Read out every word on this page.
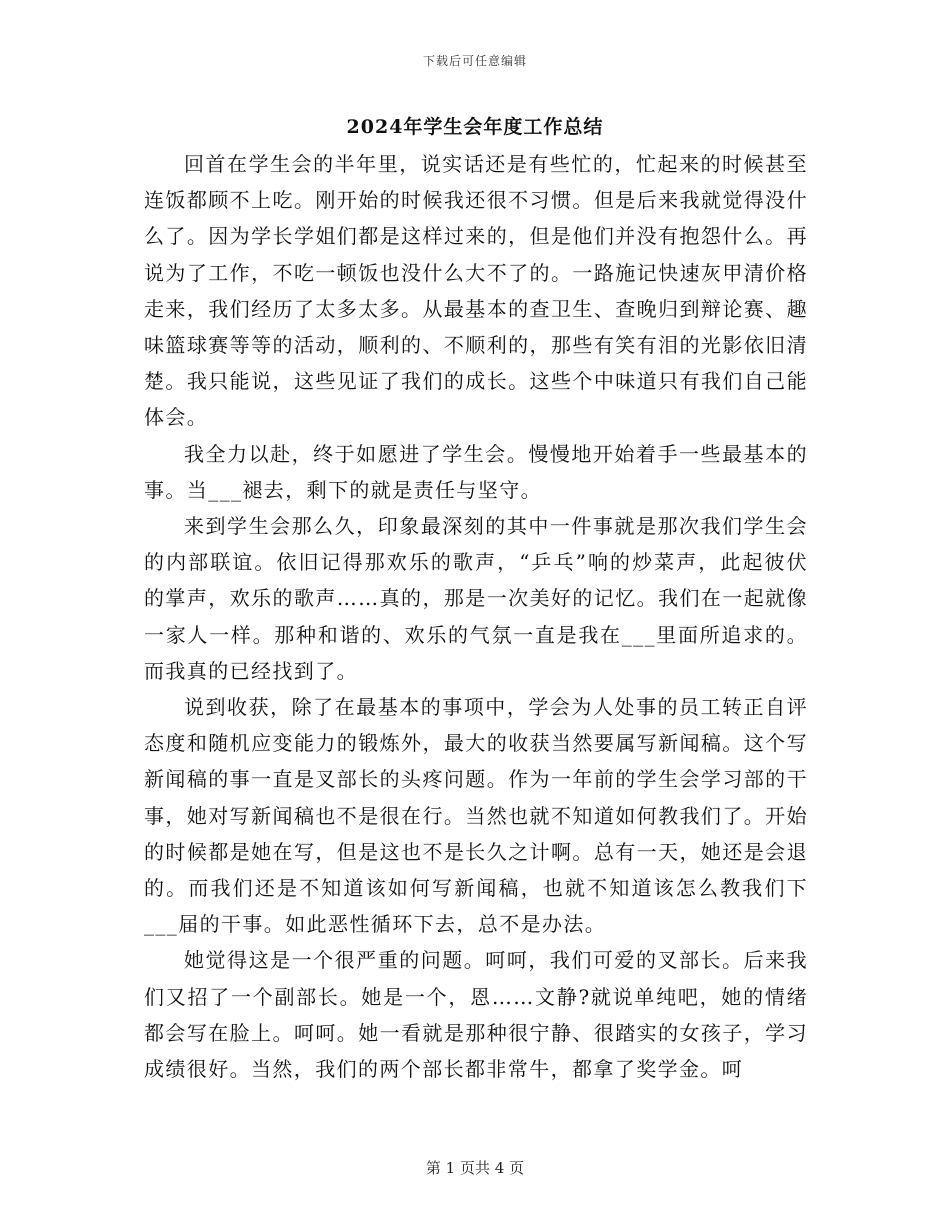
下载后可任意编辑
2024年学生会年度工作总结

回首在学生会的半年里，说实话还是有些忙的，忙起来的时候甚至连饭都顾不上吃。刚开始的时候我还很不习惯。但是后来我就觉得没什么了。因为学长学姐们都是这样过来的，但是他们并没有抱怨什么。再说为了工作，不吃一顿饭也没什么大不了的。一路施记快速灰甲清价格走来，我们经历了太多太多。从最基本的查卫生、查晚归到辩论赛、趣味篮球赛等等的活动，顺利的、不顺利的，那些有笑有泪的光影依旧清楚。我只能说，这些见证了我们的成长。这些个中味道只有我们自己能体会。

我全力以赴，终于如愿进了学生会。慢慢地开始着手一些最基本的事。当___褪去，剩下的就是责任与坚守。

来到学生会那么久，印象最深刻的其中一件事就是那次我们学生会的内部联谊。依旧记得那欢乐的歌声，“乒乓”响的炒菜声，此起彼伏的掌声，欢乐的歌声……真的，那是一次美好的记忆。我们在一起就像一家人一样。那种和谐的、欢乐的气氛一直是我在___里面所追求的。而我真的已经找到了。

说到收获，除了在最基本的事项中，学会为人处事的员工转正自评态度和随机应变能力的锻炼外，最大的收获当然要属写新闻稿。这个写新闻稿的事一直是叉部长的头疼问题。作为一年前的学生会学习部的干事，她对写新闻稿也不是很在行。当然也就不知道如何教我们了。开始的时候都是她在写，但是这也不是长久之计啊。总有一天，她还是会退的。而我们还是不知道该如何写新闻稿，也就不知道该怎么教我们下___届的干事。如此恶性循环下去，总不是办法。

她觉得这是一个很严重的问题。呵呵，我们可爱的叉部长。后来我们又招了一个副部长。她是一个，恩……文静?就说单纯吧，她的情绪都会写在脸上。呵呵。她一看就是那种很宁静、很踏实的女孩子，学习成绩很好。当然，我们的两个部长都非常牛，都拿了奖学金。呵

第 1 页共 4 页
